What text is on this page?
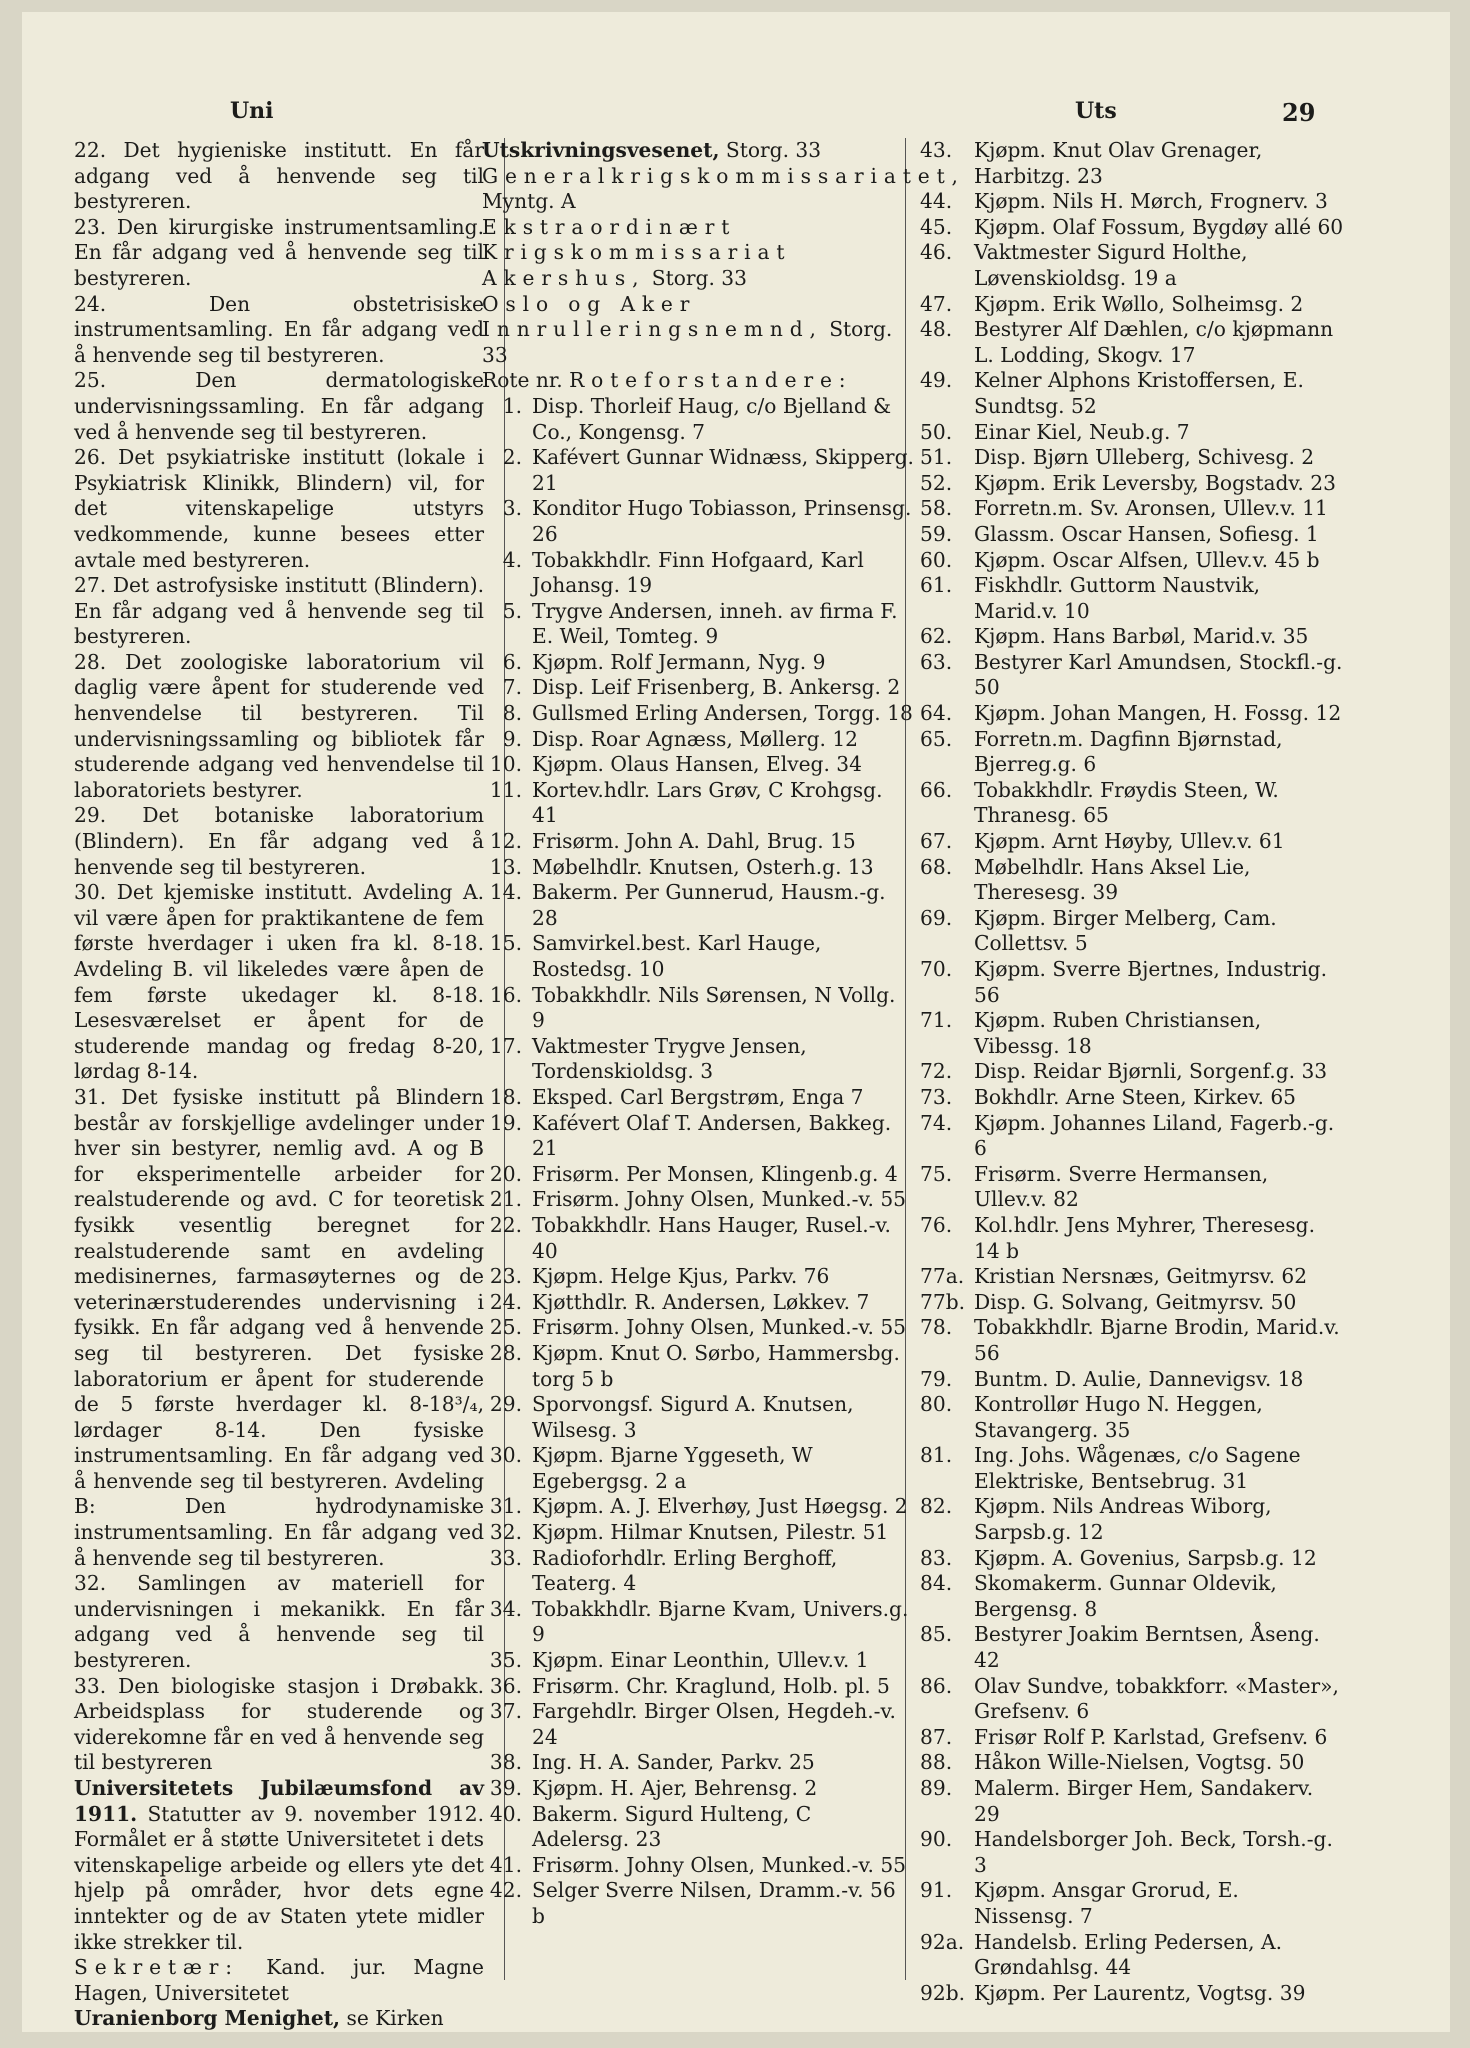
Uni	Uts	29

22. Det hygieniske institutt. En får adgang ved å henvende seg til bestyreren.

23. Den kirurgiske instrumentsamling. En får adgang ved å henvende seg til bestyreren.

24. Den obstetrisiske instrumentsamling. En får adgang ved å henvende seg til bestyreren.

25. Den dermatologiske undervisningssamling. En får adgang ved å henvende seg til bestyreren.

26. Det psykiatriske institutt (lokale i Psykiatrisk Klinikk, Blindern) vil, for det vitenskapelige utstyrs vedkommende, kunne besees etter avtale med bestyreren.

27. Det astrofysiske institutt (Blindern). En får adgang ved å henvende seg til bestyreren.

28. Det zoologiske laboratorium vil daglig være åpent for studerende ved henvendelse til bestyreren. Til undervisningssamling og bibliotek får studerende adgang ved henvendelse til laboratoriets bestyrer.

29. Det botaniske laboratorium (Blindern). En får adgang ved å henvende seg til bestyreren.

30. Det kjemiske institutt. Avdeling A. vil være åpen for praktikantene de fem første hverdager i uken fra kl. 8-18. Avdeling B. vil likeledes være åpen de fem første ukedager kl. 8-18. Lesesværelset er åpent for de studerende mandag og fredag 8-20, lørdag 8-14.

31. Det fysiske institutt på Blindern består av forskjellige avdelinger under hver sin bestyrer, nemlig avd. A og B for eksperimentelle arbeider for realstuderende og avd. C for teoretisk fysikk vesentlig beregnet for realstuderende samt en avdeling medisinernes, farmasøyternes og de veterinærstuderendes undervisning i fysikk. En får adgang ved å henvende seg til bestyreren. Det fysiske laboratorium er åpent for studerende de 5 første hverdager kl. 8-18³/₄, lørdager 8-14. Den fysiske instrumentsamling. En får adgang ved å henvende seg til bestyreren. Avdeling B: Den hydrodynamiske instrumentsamling. En får adgang ved å henvende seg til bestyreren.

32. Samlingen av materiell for undervisningen i mekanikk. En får adgang ved å henvende seg til bestyreren.

33. Den biologiske stasjon i Drøbakk. Arbeidsplass for studerende og viderekomne får en ved å henvende seg til bestyreren

Universitetets Jubilæumsfond av 1911. Statutter av 9. november 1912. Formålet er å støtte Universitetet i dets vitenskapelige arbeide og ellers yte det hjelp på områder, hvor dets egne inntekter og de av Staten ytete midler ikke strekker til.

Sekretær: Kand. jur. Magne Hagen, Universitetet

Uranienborg Menighet, se Kirken

Utskrivningsvesenet, Storg. 33

Generalkrigskommissariatet, Myntg. A

Ekstraordinært Krigskommissariat Akershus, Storg. 33

Oslo og Aker Innrulleringsnemnd, Storg. 33

Rote nr. Roteforstandere:

1. Disp. Thorleif Haug, c/o Bjelland & Co., Kongensg. 7
2. Kafévert Gunnar Widnæss, Skipperg. 21
3. Konditor Hugo Tobiasson, Prinsensg. 26
4. Tobakkhdlr. Finn Hofgaard, Karl Johansg. 19
5. Trygve Andersen, inneh. av firma F. E. Weil, Tomteg. 9
6. Kjøpm. Rolf Jermann, Nyg. 9
7. Disp. Leif Frisenberg, B. Ankersg. 2
8. Gullsmed Erling Andersen, Torgg. 18
9. Disp. Roar Agnæss, Møllerg. 12
10. Kjøpm. Olaus Hansen, Elveg. 34
11. Kortev.hdlr. Lars Grøv, C Krohgsg. 41
12. Frisørm. John A. Dahl, Brug. 15
13. Møbelhdlr. Knutsen, Osterh.g. 13
14. Bakerm. Per Gunnerud, Hausm.-g. 28
15. Samvirkel.best. Karl Hauge, Rostedsg. 10
16. Tobakkhdlr. Nils Sørensen, N Vollg. 9
17. Vaktmester Trygve Jensen, Tordenskioldsg. 3
18. Eksped. Carl Bergstrøm, Enga 7
19. Kafévert Olaf T. Andersen, Bakkeg. 21
20. Frisørm. Per Monsen, Klingenb.g. 4
21. Frisørm. Johny Olsen, Munked.-v. 55
22. Tobakkhdlr. Hans Hauger, Rusel.-v. 40
23. Kjøpm. Helge Kjus, Parkv. 76
24. Kjøtthdlr. R. Andersen, Løkkev. 7
25. Frisørm. Johny Olsen, Munked.-v. 55
28. Kjøpm. Knut O. Sørbo, Hammersbg. torg 5 b
29. Sporvongsf. Sigurd A. Knutsen, Wilsesg. 3
30. Kjøpm. Bjarne Yggeseth, W Egebergsg. 2 a
31. Kjøpm. A. J. Elverhøy, Just Høegsg. 2
32. Kjøpm. Hilmar Knutsen, Pilestr. 51
33. Radioforhdlr. Erling Berghoff, Teaterg. 4
34. Tobakkhdlr. Bjarne Kvam, Univers.g. 9
35. Kjøpm. Einar Leonthin, Ullev.v. 1
36. Frisørm. Chr. Kraglund, Holb. pl. 5
37. Fargehdlr. Birger Olsen, Hegdeh.-v. 24
38. Ing. H. A. Sander, Parkv. 25
39. Kjøpm. H. Ajer, Behrensg. 2
40. Bakerm. Sigurd Hulteng, C Adelersg. 23
41. Frisørm. Johny Olsen, Munked.-v. 55
42. Selger Sverre Nilsen, Dramm.-v. 56 b
43.	Kjøpm. Knut Olav Grenager, Harbitzg. 23
44.	Kjøpm. Nils H. Mørch, Frognerv. 3
45.	Kjøpm. Olaf Fossum, Bygdøy allé 60
46.	Vaktmester Sigurd Holthe, Løvenskioldsg. 19 a
47.	Kjøpm. Erik Wøllo, Solheimsg. 2
48.	Bestyrer Alf Dæhlen, c/o kjøpmann L. Lodding, Skogv. 17
49.	Kelner Alphons Kristoffersen, E. Sundtsg. 52
50.	Einar Kiel, Neub.g. 7
51.	Disp. Bjørn Ulleberg, Schivesg. 2
52.	Kjøpm. Erik Leversby, Bogstadv. 23
58.	Forretn.m. Sv. Aronsen, Ullev.v. 11
59.	Glassm. Oscar Hansen, Sofiesg. 1
60.	Kjøpm. Oscar Alfsen, Ullev.v. 45 b
61.	Fiskhdlr. Guttorm Naustvik, Marid.v. 10
62.	Kjøpm. Hans Barbøl, Marid.v. 35
63.	Bestyrer Karl Amundsen, Stockfl.-g. 50
64.	Kjøpm. Johan Mangen, H. Fossg. 12
65.	Forretn.m. Dagfinn Bjørnstad, Bjerreg.g. 6
66.	Tobakkhdlr. Frøydis Steen, W. Thranesg. 65
67.	Kjøpm. Arnt Høyby, Ullev.v. 61
68.	Møbelhdlr. Hans Aksel Lie, Theresesg. 39
69.	Kjøpm. Birger Melberg, Cam. Collettsv. 5
70.	Kjøpm. Sverre Bjertnes, Industrig. 56
71.	Kjøpm. Ruben Christiansen, Vibessg. 18
72.	Disp. Reidar Bjørnli, Sorgenf.g. 33
73.	Bokhdlr. Arne Steen, Kirkev. 65
74.	Kjøpm. Johannes Liland, Fagerb.-g. 6
75.	Frisørm. Sverre Hermansen, Ullev.v. 82
76.	Kol.hdlr. Jens Myhrer, Theresesg. 14 b
77a. Kristian Nersnæs, Geitmyrsv. 62
77b. Disp. G. Solvang, Geitmyrsv. 50
78.	Tobakkhdlr. Bjarne Brodin, Marid.v. 56
79.	Buntm. D. Aulie, Dannevigsv. 18
80.	Kontrollør Hugo N. Heggen, Stavangerg. 35
81.	Ing. Johs. Wågenæs, c/o Sagene Elektriske, Bentsebrug. 31
82.	Kjøpm. Nils Andreas Wiborg, Sarpsb.g. 12
83.	Kjøpm. A. Govenius, Sarpsb.g. 12
84.	Skomakerm. Gunnar Oldevik, Bergensg. 8
85.	Bestyrer Joakim Berntsen, Åseng. 42
86.	Olav Sundve, tobakkforr. «Master», Grefsenv. 6
87.	Frisør Rolf P. Karlstad, Grefsenv. 6
88.	Håkon Wille-Nielsen, Vogtsg. 50
89.	Malerm. Birger Hem, Sandakerv. 29
90.	Handelsborger Joh. Beck, Torsh.-g. 3
91.	Kjøpm. Ansgar Grorud, E. Nissensg. 7
92a. Handelsb. Erling Pedersen, A. Grøndahlsg. 44
92b. Kjøpm. Per Laurentz, Vogtsg. 39
